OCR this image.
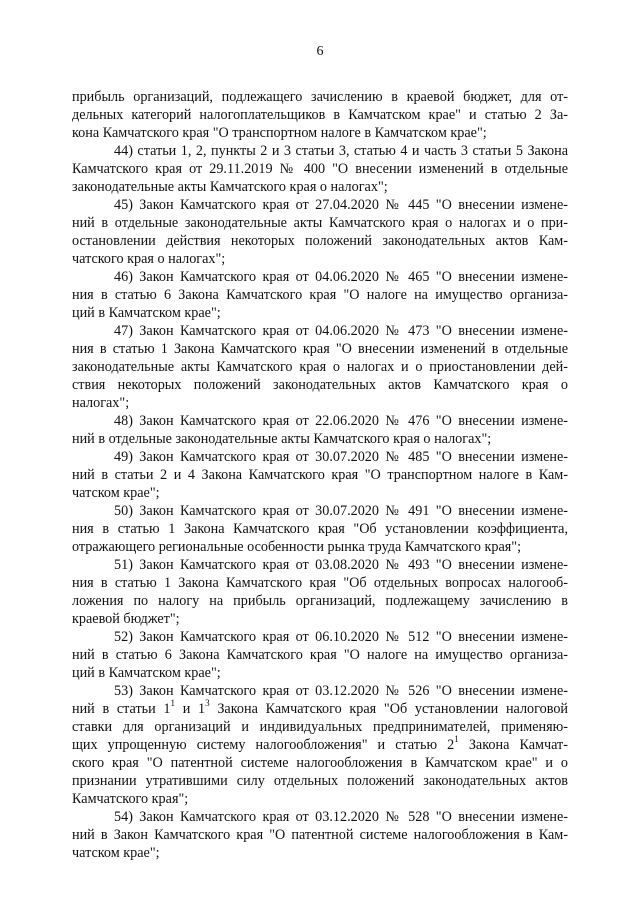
6
прибыль организаций, подлежащего зачислению в краевой бюджет, для от-
дельных категорий налогоплательщиков в Камчатском крае" и статью 2 За-
кона Камчатского края "О транспортном налоге в Камчатском крае";
44) статьи 1, 2, пункты 2 и 3 статьи 3, статью 4 и часть 3 статьи 5 Закона
Камчатского края от 29.11.2019 № 400 "О внесении изменений в отдельные
законодательные акты Камчатского края о налогах";
45) Закон Камчатского края от 27.04.2020 № 445 "О внесении измене-
ний в отдельные законодательные акты Камчатского края о налогах и о при-
остановлении действия некоторых положений законодательных актов Кам-
чатского края о налогах";
46) Закон Камчатского края от 04.06.2020 № 465 "О внесении измене-
ния в статью 6 Закона Камчатского края "О налоге на имущество организа-
ций в Камчатском крае";
47) Закон Камчатского края от 04.06.2020 № 473 "О внесении измене-
ния в статью 1 Закона Камчатского края "О внесении изменений в отдельные
законодательные акты Камчатского края о налогах и о приостановлении дей-
ствия некоторых положений законодательных актов Камчатского края о
налогах";
48) Закон Камчатского края от 22.06.2020 № 476 "О внесении измене-
ний в отдельные законодательные акты Камчатского края о налогах";
49) Закон Камчатского края от 30.07.2020 № 485 "О внесении измене-
ний в статьи 2 и 4 Закона Камчатского края "О транспортном налоге в Кам-
чатском крае";
50) Закон Камчатского края от 30.07.2020 № 491 "О внесении измене-
ния в статью 1 Закона Камчатского края "Об установлении коэффициента,
отражающего региональные особенности рынка труда Камчатского края";
51) Закон Камчатского края от 03.08.2020 № 493 "О внесении измене-
ния в статью 1 Закона Камчатского края "Об отдельных вопросах налогооб-
ложения по налогу на прибыль организаций, подлежащему зачислению в
краевой бюджет";
52) Закон Камчатского края от 06.10.2020 № 512 "О внесении измене-
ний в статью 6 Закона Камчатского края "О налоге на имущество организа-
ций в Камчатском крае";
53) Закон Камчатского края от 03.12.2020 № 526 "О внесении измене-
ний в статьи $1^1$ и $1^3$ Закона Камчатского края "Об установлении налоговой
ставки для организаций и индивидуальных предпринимателей, применяю-
щих упрощенную систему налогообложения" и статью $2^1$ Закона Камчат-
ского края "О патентной системе налогообложения в Камчатском крае" и о
признании утратившими силу отдельных положений законодательных актов
Камчатского края";
54) Закон Камчатского края от 03.12.2020 № 528 "О внесении измене-
ний в Закон Камчатского края "О патентной системе налогообложения в Кам-
чатском крае";
